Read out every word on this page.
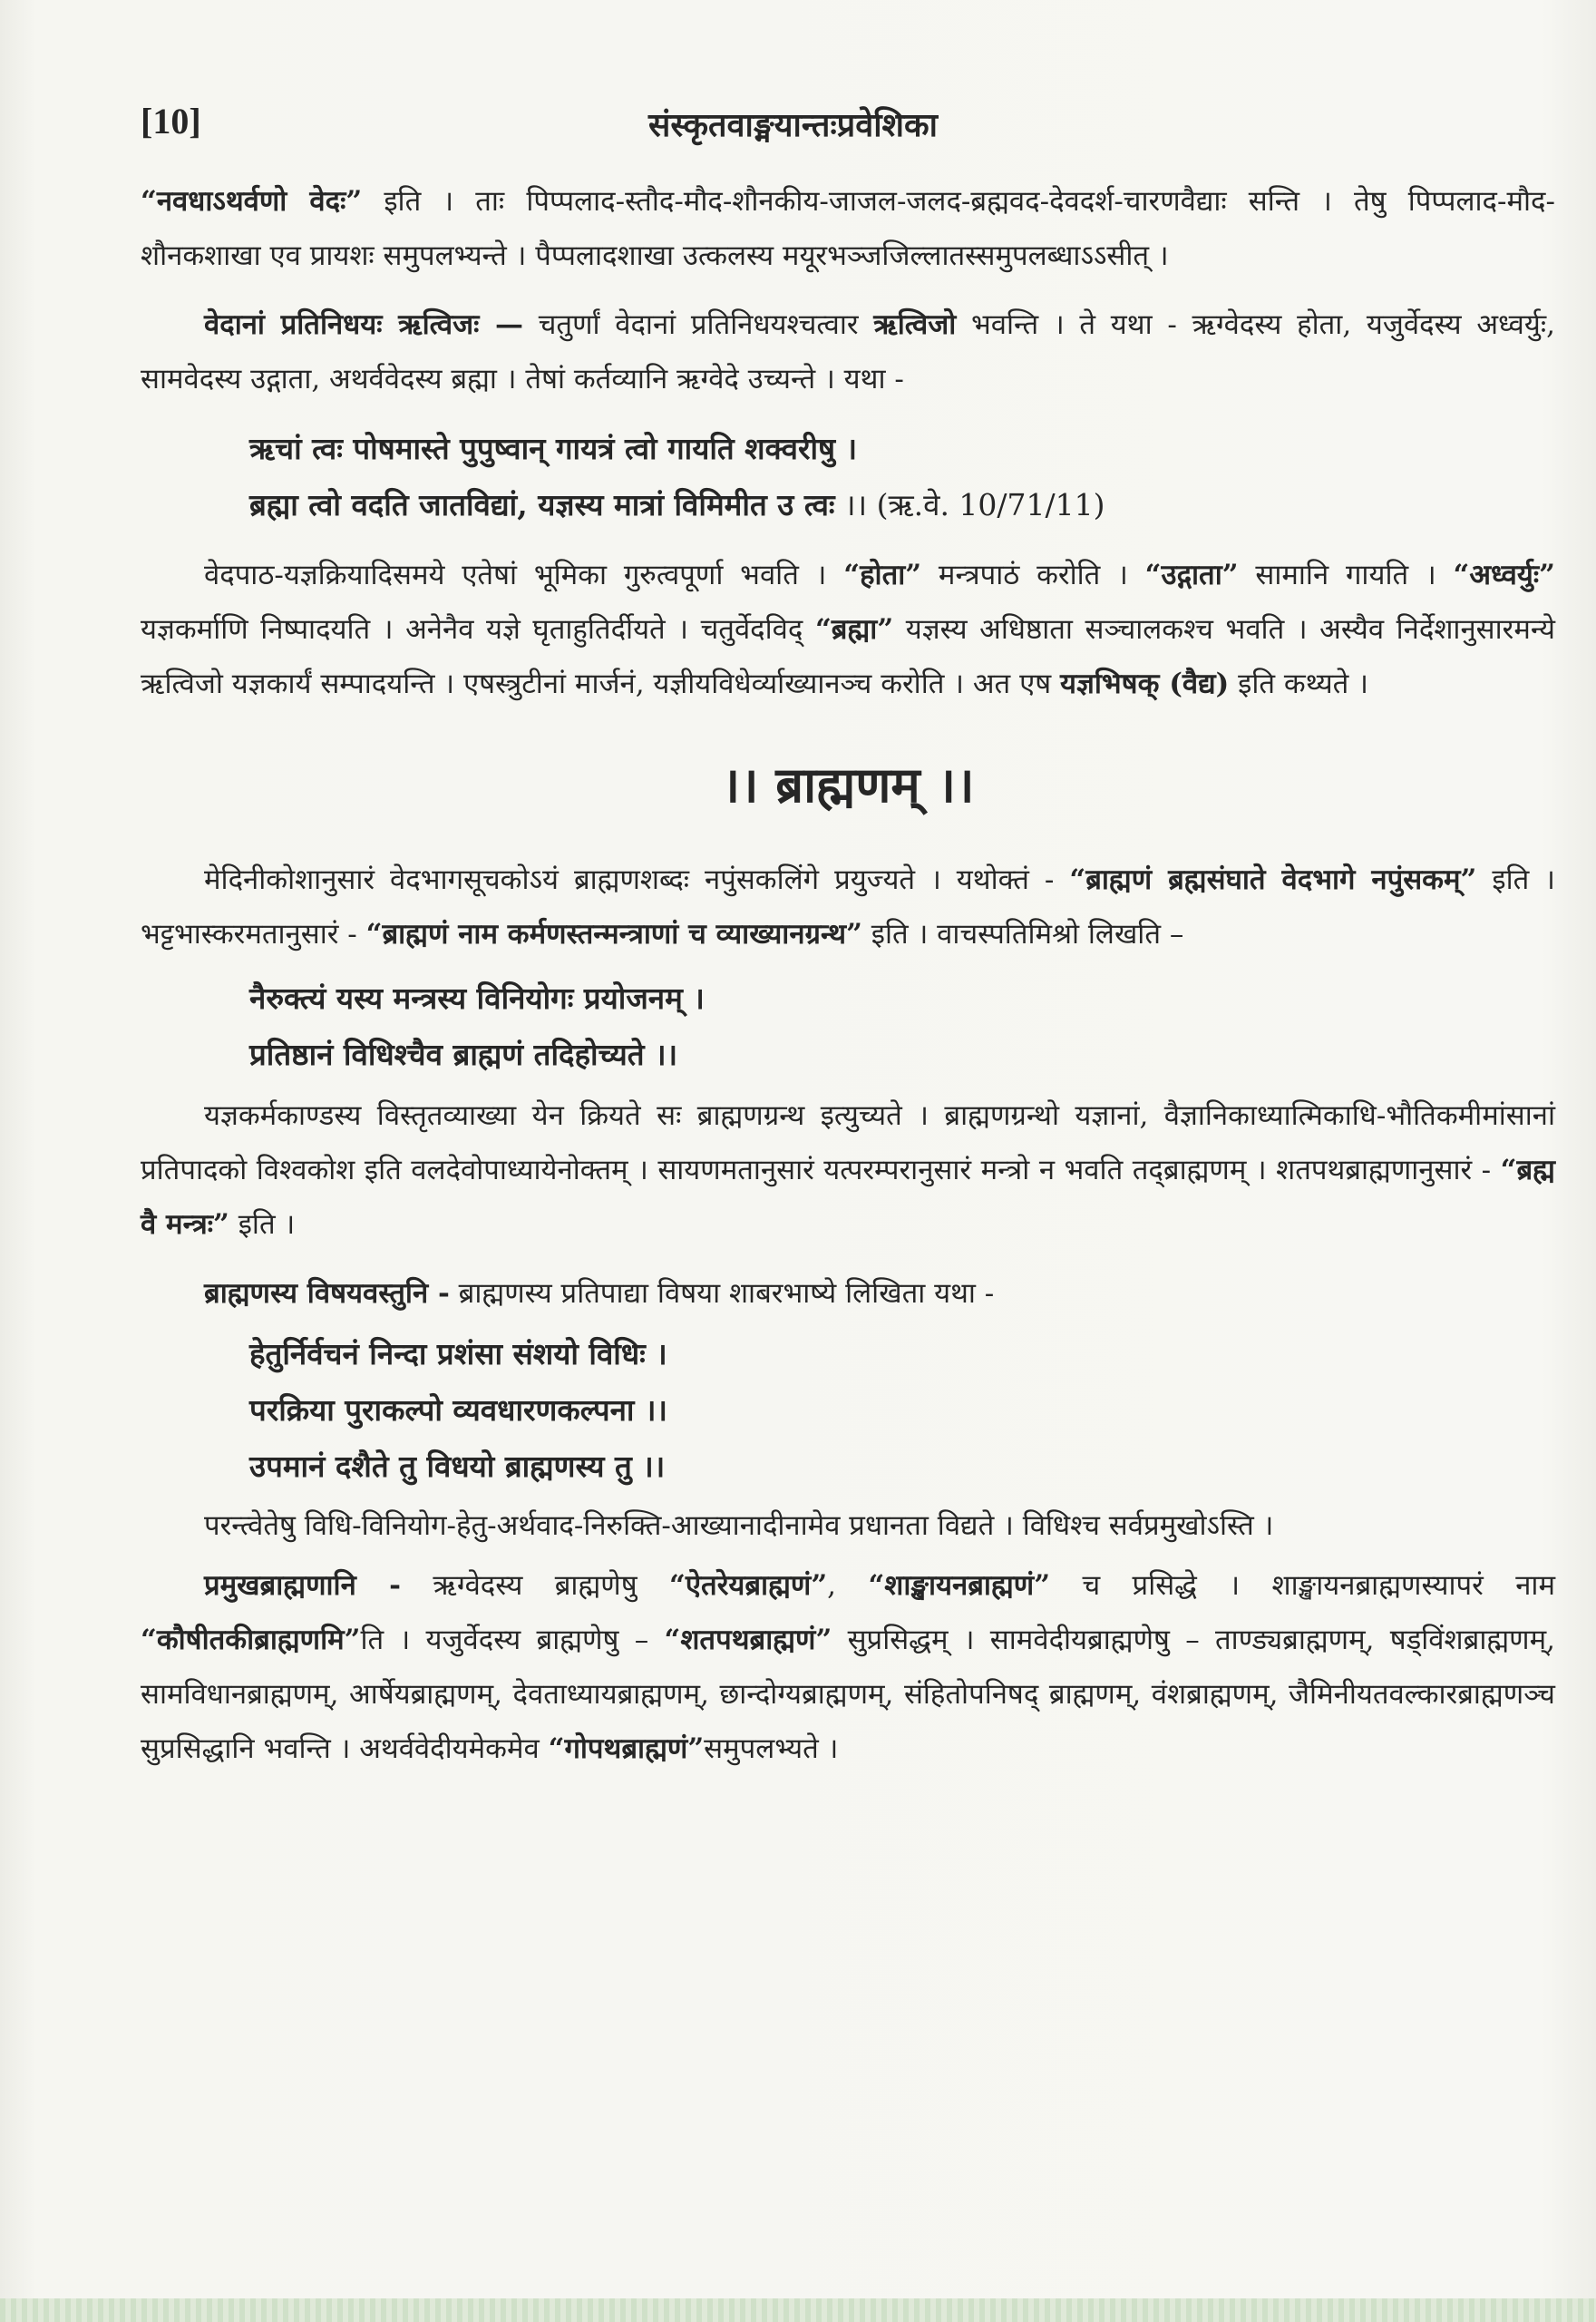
[10]	संस्कृतवाङ्मयान्तःप्रवेशिका

“नवधाऽथर्वणो वेदः” इति । ताः पिप्पलाद-स्तौद-मौद-शौनकीय-जाजल-जलद-ब्रह्मवद-देवदर्श-चारणवैद्याः सन्ति । तेषु पिप्पलाद-मौद-शौनकशाखा एव प्रायशः समुपलभ्यन्ते । पैप्पलादशाखा उत्कलस्य मयूरभञ्जजिल्लातस्समुपलब्धाऽऽसीत् ।

वेदानां प्रतिनिधयः ऋत्विजः — चतुर्णां वेदानां प्रतिनिधयश्चत्वार ऋत्विजो भवन्ति । ते यथा - ऋग्वेदस्य होता, यजुर्वेदस्य अध्वर्युः, सामवेदस्य उद्गाता, अथर्ववेदस्य ब्रह्मा । तेषां कर्तव्यानि ऋग्वेदे उच्यन्ते । यथा -

ऋचां त्वः पोषमास्ते पुपुष्वान् गायत्रं त्वो गायति शक्वरीषु ।

ब्रह्मा त्वो वदति जातविद्यां, यज्ञस्य मात्रां विमिमीत उ त्वः ।। (ऋ.वे. 10/71/11)

वेदपाठ-यज्ञक्रियादिसमये एतेषां भूमिका गुरुत्वपूर्णा भवति । “होता” मन्त्रपाठं करोति । “उद्गाता” सामानि गायति । “अध्वर्युः” यज्ञकर्माणि निष्पादयति । अनेनैव यज्ञे घृताहुतिर्दीयते । चतुर्वेदविद् “ब्रह्मा” यज्ञस्य अधिष्ठाता सञ्चालकश्च भवति । अस्यैव निर्देशानुसारमन्ये ऋत्विजो यज्ञकार्यं सम्पादयन्ति । एषस्त्रुटीनां मार्जनं, यज्ञीयविधेर्व्याख्यानञ्च करोति । अत एष यज्ञभिषक् (वैद्य) इति कथ्यते ।

।। ब्राह्मणम् ।।

मेदिनीकोशानुसारं वेदभागसूचकोऽयं ब्राह्मणशब्दः नपुंसकलिंगे प्रयुज्यते । यथोक्तं - “ब्राह्मणं ब्रह्मसंघाते वेदभागे नपुंसकम्” इति । भट्टभास्करमतानुसारं - “ब्राह्मणं नाम कर्मणस्तन्मन्त्राणां च व्याख्यानग्रन्थ” इति । वाचस्पतिमिश्रो लिखति –

नैरुक्त्यं यस्य मन्त्रस्य विनियोगः प्रयोजनम् ।

प्रतिष्ठानं विधिश्चैव ब्राह्मणं तदिहोच्यते ।।

यज्ञकर्मकाण्डस्य विस्तृतव्याख्या येन क्रियते सः ब्राह्मणग्रन्थ इत्युच्यते । ब्राह्मणग्रन्थो यज्ञानां, वैज्ञानिकाध्यात्मिकाधि-भौतिकमीमांसानां प्रतिपादको विश्वकोश इति वलदेवोपाध्यायेनोक्तम् । सायणमतानुसारं यत्परम्परानुसारं मन्त्रो न भवति तद्ब्राह्मणम् । शतपथब्राह्मणानुसारं - “ब्रह्म वै मन्त्रः” इति ।

ब्राह्मणस्य विषयवस्तुनि - ब्राह्मणस्य प्रतिपाद्या विषया शाबरभाष्ये लिखिता यथा -

हेतुर्निर्वचनं निन्दा प्रशंसा संशयो विधिः ।

परक्रिया पुराकल्पो व्यवधारणकल्पना ।।

उपमानं दशैते तु विधयो ब्राह्मणस्य तु ।।

परन्त्वेतेषु विधि-विनियोग-हेतु-अर्थवाद-निरुक्ति-आख्यानादीनामेव प्रधानता विद्यते । विधिश्च सर्वप्रमुखोऽस्ति ।

प्रमुखब्राह्मणानि - ऋग्वेदस्य ब्राह्मणेषु “ऐतरेयब्राह्मणं”, “शाङ्खायनब्राह्मणं” च प्रसिद्धे । शाङ्खायनब्राह्मणस्यापरं नाम “कौषीतकीब्राह्मणमि”ति । यजुर्वेदस्य ब्राह्मणेषु – “शतपथब्राह्मणं” सुप्रसिद्धम् । सामवेदीयब्राह्मणेषु – ताण्ड्यब्राह्मणम्, षड्विंशब्राह्मणम्, सामविधानब्राह्मणम्, आर्षेयब्राह्मणम्, देवताध्यायब्राह्मणम्, छान्दोग्यब्राह्मणम्, संहितोपनिषद् ब्राह्मणम्, वंशब्राह्मणम्, जैमिनीयतवल्कारब्राह्मणञ्च सुप्रसिद्धानि भवन्ति । अथर्ववेदीयमेकमेव “गोपथब्राह्मणं”समुपलभ्यते ।
